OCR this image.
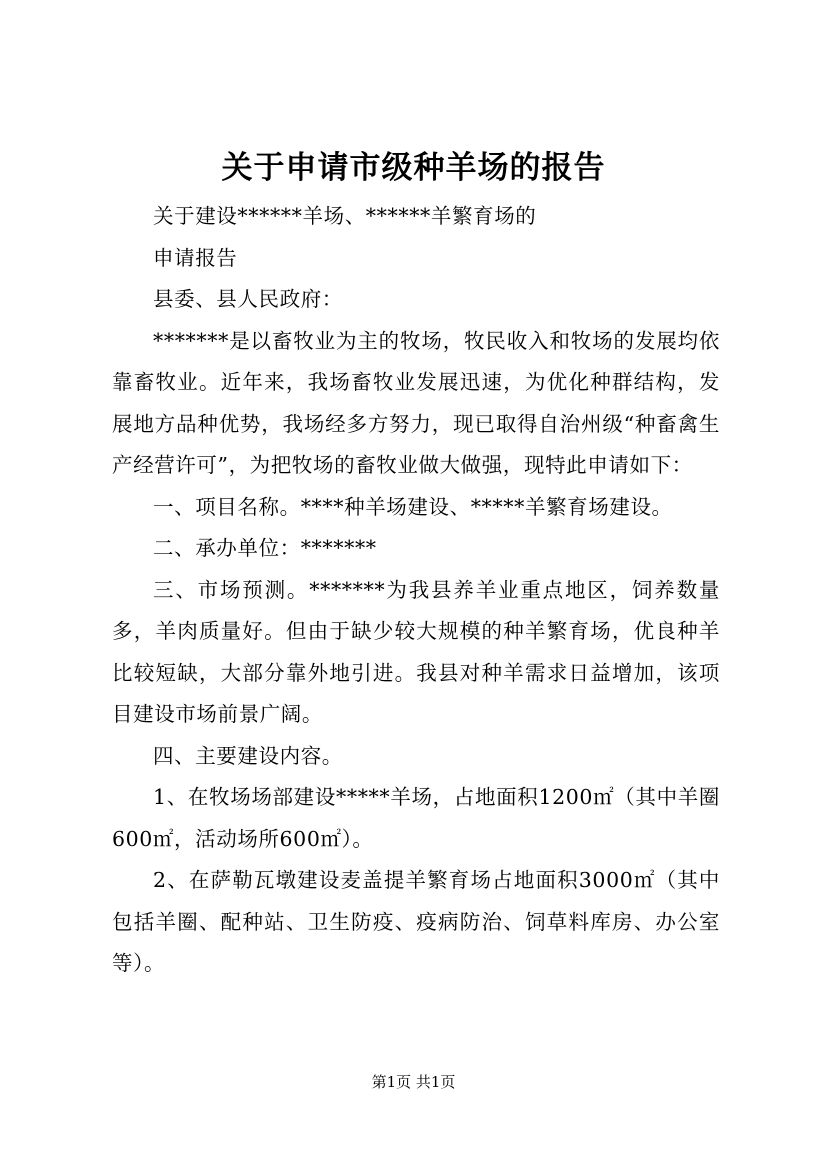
关于申请市级种羊场的报告

关于建设******羊场、******羊繁育场的

申请报告

县委、县人民政府：

*******是以畜牧业为主的牧场，牧民收入和牧场的发展均依靠畜牧业。近年来，我场畜牧业发展迅速，为优化种群结构，发展地方品种优势，我场经多方努力，现已取得自治州级“种畜禽生产经营许可”，为把牧场的畜牧业做大做强，现特此申请如下：

一、项目名称。****种羊场建设、*****羊繁育场建设。

二、承办单位：*******

三、市场预测。*******为我县养羊业重点地区，饲养数量多，羊肉质量好。但由于缺少较大规模的种羊繁育场，优良种羊比较短缺，大部分靠外地引进。我县对种羊需求日益增加，该项目建设市场前景广阔。

四、主要建设内容。

1、在牧场场部建设*****羊场，占地面积1200㎡（其中羊圈600㎡，活动场所600㎡）。

2、在萨勒瓦墩建设麦盖提羊繁育场占地面积3000㎡（其中包括羊圈、配种站、卫生防疫、疫病防治、饲草料库房、办公室等）。

第1页 共1页
